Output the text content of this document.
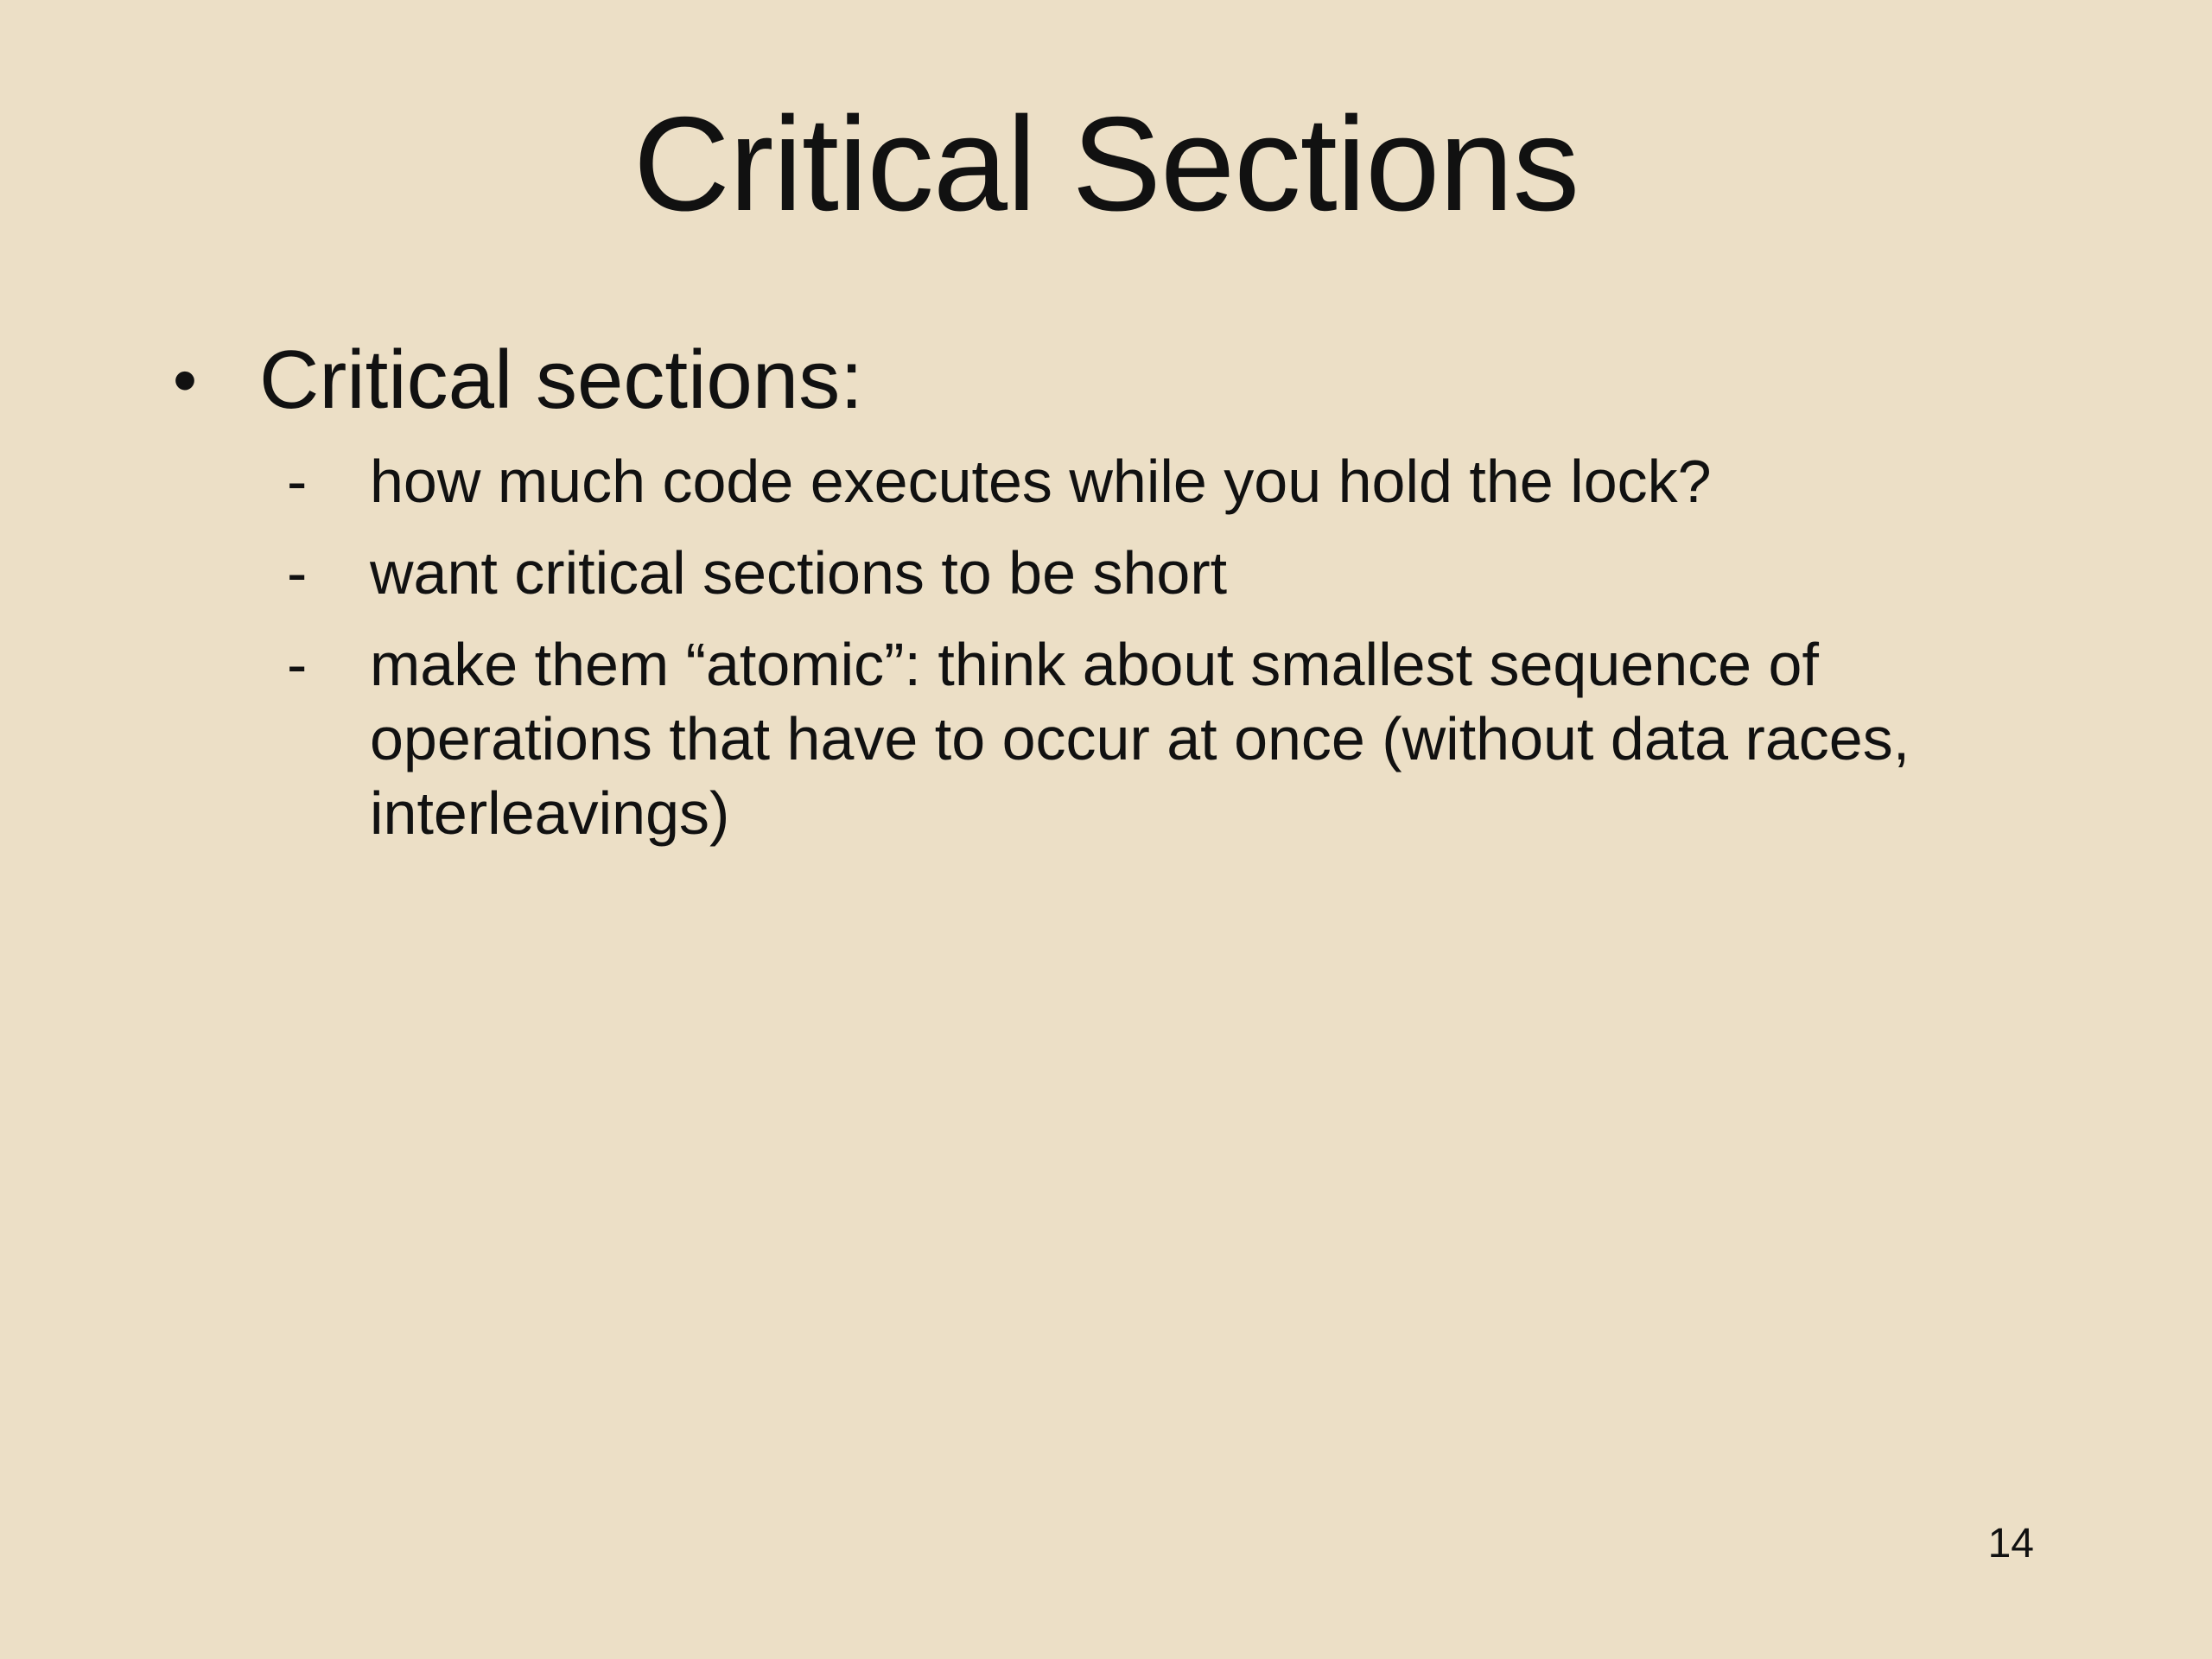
Critical Sections
• Critical sections:
- how much code executes while you hold the lock?
- want critical sections to be short
- make them “atomic”: think about smallest sequence of operations that have to occur at once (without data races, interleavings)
14
